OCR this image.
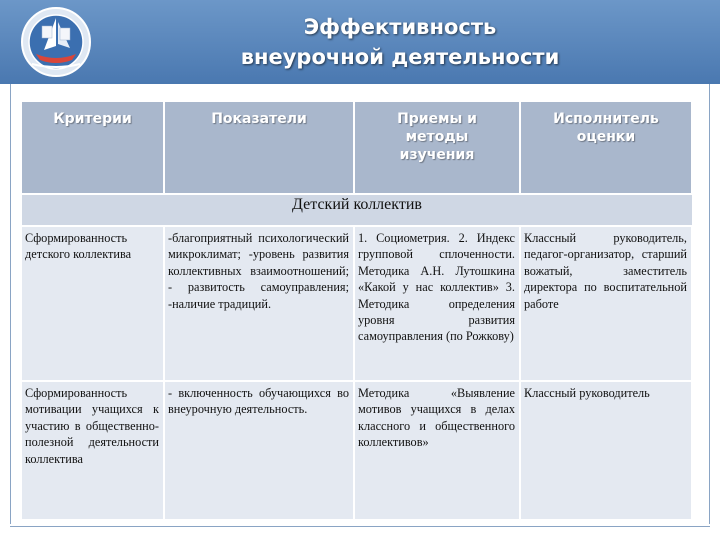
Эффективность
внеурочной деятельности
Критерии	Показатели	Приемы и методы изучения	Исполнитель оценки
Детский коллектив			
Сформированность детского коллектива	-благоприятный психологический микроклимат; -уровень развития коллективных взаимоотношений; - развитость самоуправления; -наличие традиций.	1. Социометрия. 2. Индекс групповой сплоченности. Методика А.Н. Лутошкина «Какой у нас коллектив» 3. Методика определения уровня развития самоуправления (по Рожкову)	Классный руководитель, педагог-организатор, старший вожатый, заместитель директора по воспитательной работе
Сформированность мотивации учащихся к участию в общественно-полезной деятельности коллектива	- включенность обучающихся во внеурочную деятельность.	Методика «Выявление мотивов учащихся в делах классного и общественного коллективов»	Классный руководитель
